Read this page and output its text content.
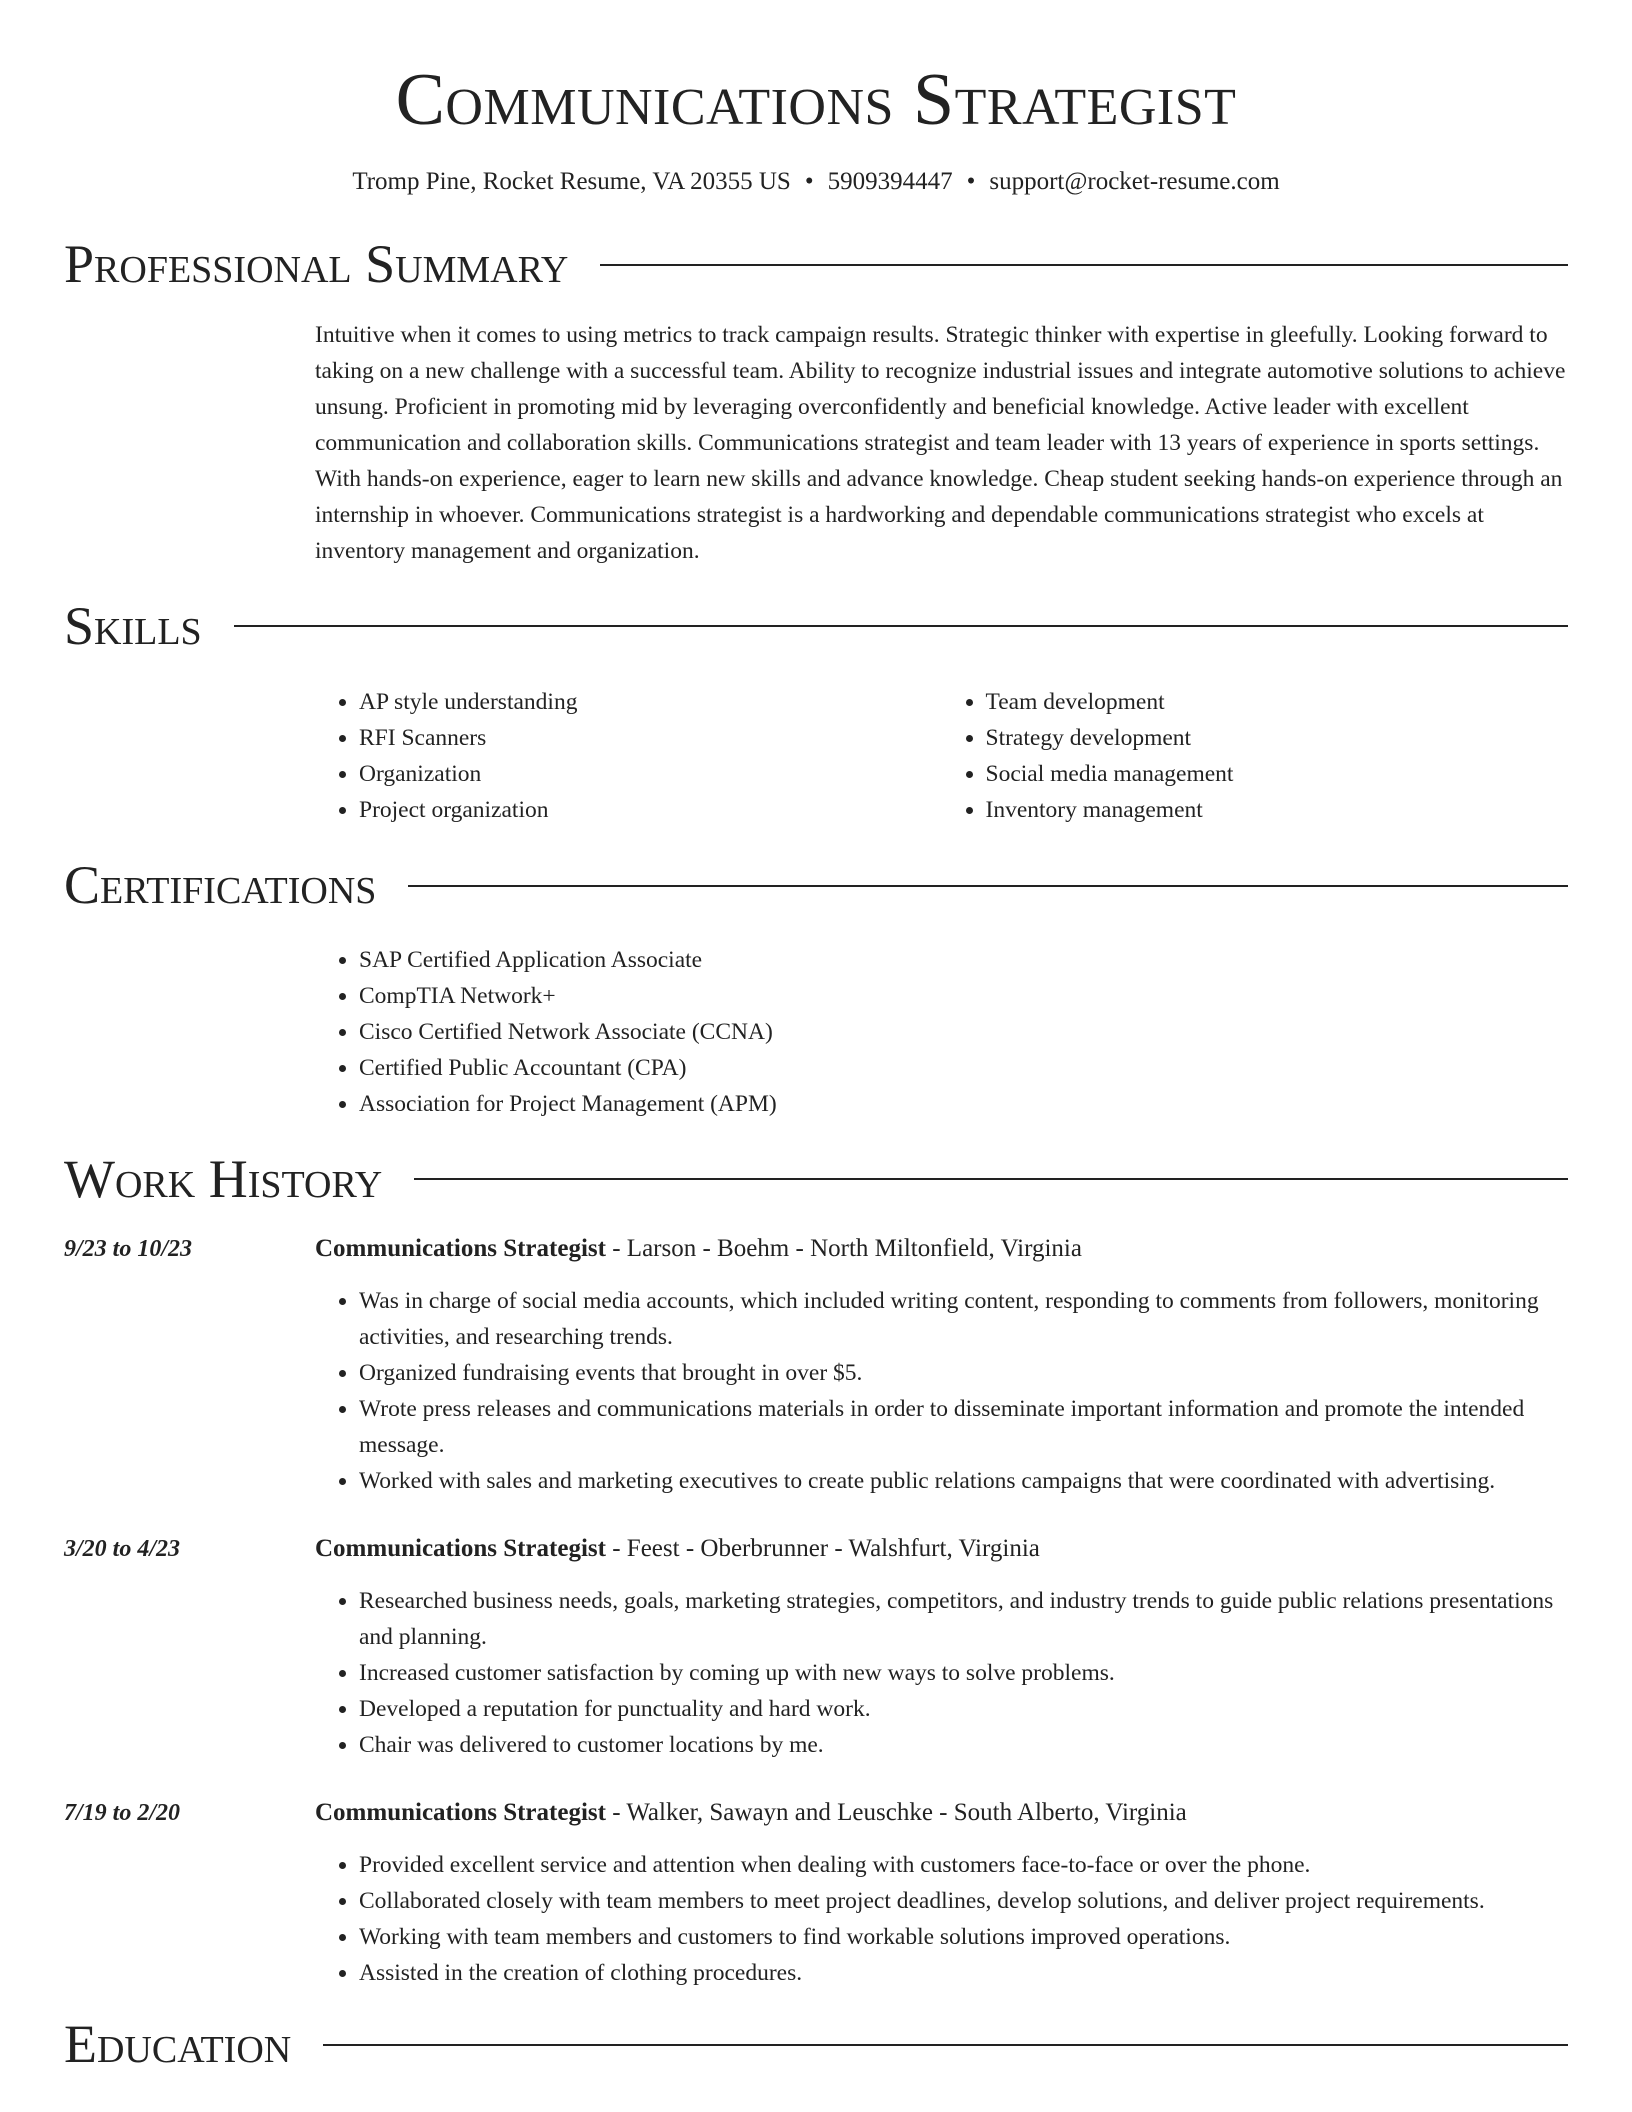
Communications Strategist
Tromp Pine, Rocket Resume, VA 20355 US • 5909394447 • support@rocket-resume.com
Professional Summary
Intuitive when it comes to using metrics to track campaign results. Strategic thinker with expertise in gleefully. Looking forward to taking on a new challenge with a successful team. Ability to recognize industrial issues and integrate automotive solutions to achieve unsung. Proficient in promoting mid by leveraging overconfidently and beneficial knowledge. Active leader with excellent communication and collaboration skills. Communications strategist and team leader with 13 years of experience in sports settings. With hands-on experience, eager to learn new skills and advance knowledge. Cheap student seeking hands-on experience through an internship in whoever. Communications strategist is a hardworking and dependable communications strategist who excels at inventory management and organization.
Skills
• AP style understanding
• RFI Scanners
• Organization
• Project organization
• Team development
• Strategy development
• Social media management
• Inventory management
Certifications
• SAP Certified Application Associate
• CompTIA Network+
• Cisco Certified Network Associate (CCNA)
• Certified Public Accountant (CPA)
• Association for Project Management (APM)
Work History
9/23 to 10/23	Communications Strategist - Larson - Boehm - North Miltonfield, Virginia
• Was in charge of social media accounts, which included writing content, responding to comments from followers, monitoring activities, and researching trends.
• Organized fundraising events that brought in over $5.
• Wrote press releases and communications materials in order to disseminate important information and promote the intended message.
• Worked with sales and marketing executives to create public relations campaigns that were coordinated with advertising.
3/20 to 4/23	Communications Strategist - Feest - Oberbrunner - Walshfurt, Virginia
• Researched business needs, goals, marketing strategies, competitors, and industry trends to guide public relations presentations and planning.
• Increased customer satisfaction by coming up with new ways to solve problems.
• Developed a reputation for punctuality and hard work.
• Chair was delivered to customer locations by me.
7/19 to 2/20	Communications Strategist - Walker, Sawayn and Leuschke - South Alberto, Virginia
• Provided excellent service and attention when dealing with customers face-to-face or over the phone.
• Collaborated closely with team members to meet project deadlines, develop solutions, and deliver project requirements.
• Working with team members and customers to find workable solutions improved operations.
• Assisted in the creation of clothing procedures.
Education
